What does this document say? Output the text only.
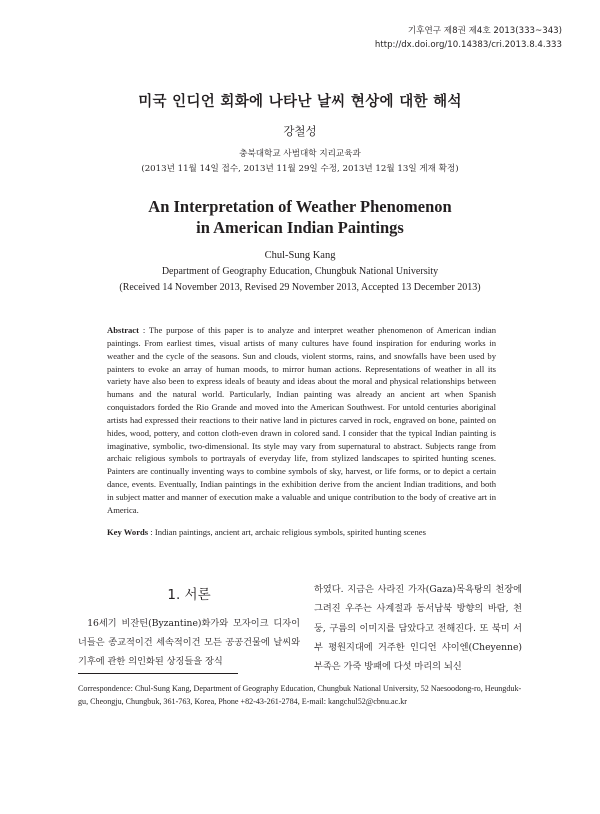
기후연구 제8권 제4호 2013(333~343)
http://dx.doi.org/10.14383/cri.2013.8.4.333
미국 인디언 회화에 나타난 날씨 현상에 대한 해석
강철성
충북대학교 사범대학 지리교육과
(2013년 11월 14일 접수, 2013년 11월 29일 수정, 2013년 12월 13일 게재 확정)
An Interpretation of Weather Phenomenon
in American Indian Paintings
Chul-Sung Kang
Department of Geography Education, Chungbuk National University
(Received 14 November 2013, Revised 29 November 2013, Accepted 13 December 2013)
Abstract : The purpose of this paper is to analyze and interpret weather phenomenon of American indian paintings. From earliest times, visual artists of many cultures have found inspiration for enduring works in weather and the cycle of the seasons. Sun and clouds, violent storms, rains, and snowfalls have been used by painters to evoke an array of human moods, to mirror human actions. Representations of weather in all its variety have also been to express ideals of beauty and ideas about the moral and physical relationships between humans and the natural world. Particularly, Indian painting was already an ancient art when Spanish conquistadors forded the Rio Grande and moved into the American Southwest. For untold centuries aboriginal artists had expressed their reactions to their native land in pictures carved in rock, engraved on bone, painted on hides, wood, pottery, and cotton cloth-even drawn in colored sand. I consider that the typical Indian painting is imaginative, symbolic, two-dimensional. Its style may vary from supernatural to abstract. Subjects range from archaic religious symbols to portrayals of everyday life, from stylized landscapes to spirited hunting scenes. Painters are continually inventing ways to combine symbols of sky, harvest, or life forms, or to depict a certain dance, events. Eventually, Indian paintings in the exhibition derive from the ancient Indian traditions, and both in subject matter and manner of execution make a valuable and unique contribution to the body of creative art in America.
Key Words : Indian paintings, ancient art, archaic religious symbols, spirited hunting scenes
1. 서론

16세기 비잔틴(Byzantine)화가와 모자이크 디자이너들은 종교적이건 세속적이건 모든 공공건물에 날씨와 기후에 관한 의인화된 상징들을 장식

하였다. 지금은 사라진 가자(Gaza)목욕탕의 천장에 그려진 우주는 사계절과 동서남북 방향의 바람, 천둥, 구름의 이미지를 담았다고 전해진다. 또 북미 서부 평원지대에 거주한 인디언 샤이엔(Cheyenne) 부족은 가죽 방패에 다섯 마리의 뇌신

Correspondence: Chul-Sung Kang, Department of Geography Education, Chungbuk National University, 52 Naesoodong-ro, Heungduk-gu, Cheongju, Chungbuk, 361-763, Korea, Phone +82-43-261-2784, E-mail: kangchul52@cbnu.ac.kr
